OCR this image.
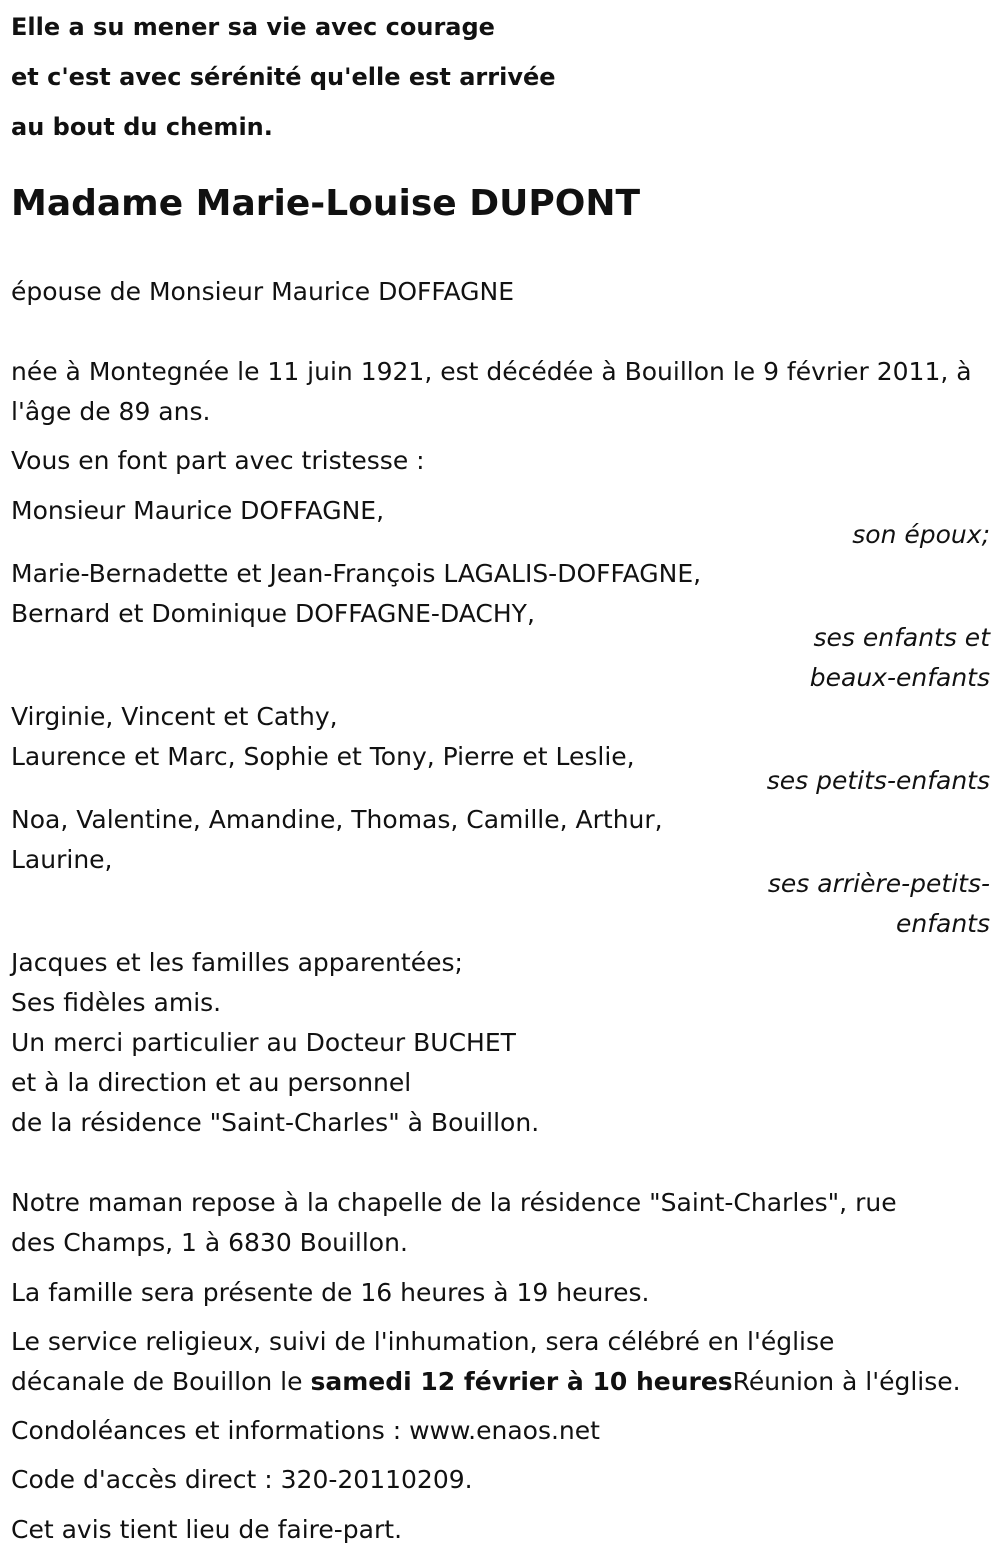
Elle a su mener sa vie avec courage
et c'est avec sérénité qu'elle est arrivée
au bout du chemin.
Madame Marie-Louise DUPONT
épouse de Monsieur Maurice DOFFAGNE
née à Montegnée le 11 juin 1921, est décédée à Bouillon le 9 février 2011, à
l'âge de 89 ans.
Vous en font part avec tristesse :
Monsieur Maurice DOFFAGNE,
son époux;
Marie-Bernadette et Jean-François LAGALIS-DOFFAGNE,
Bernard et Dominique DOFFAGNE-DACHY,
ses enfants et
beaux-enfants
Virginie, Vincent et Cathy,
Laurence et Marc, Sophie et Tony, Pierre et Leslie,
ses petits-enfants
Noa, Valentine, Amandine, Thomas, Camille, Arthur,
Laurine,
ses arrière-petits-
enfants
Jacques et les familles apparentées;
Ses fidèles amis.
Un merci particulier au Docteur BUCHET
et à la direction et au personnel
de la résidence "Saint-Charles" à Bouillon.
Notre maman repose à la chapelle de la résidence "Saint-Charles", rue
des Champs, 1 à 6830 Bouillon.
La famille sera présente de 16 heures à 19 heures.
Le service religieux, suivi de l'inhumation, sera célébré en l'église
décanale de Bouillon le samedi 12 février à 10 heuresRéunion à l'église.
Condoléances et informations : www.enaos.net
Code d'accès direct : 320-20110209.
Cet avis tient lieu de faire-part.
